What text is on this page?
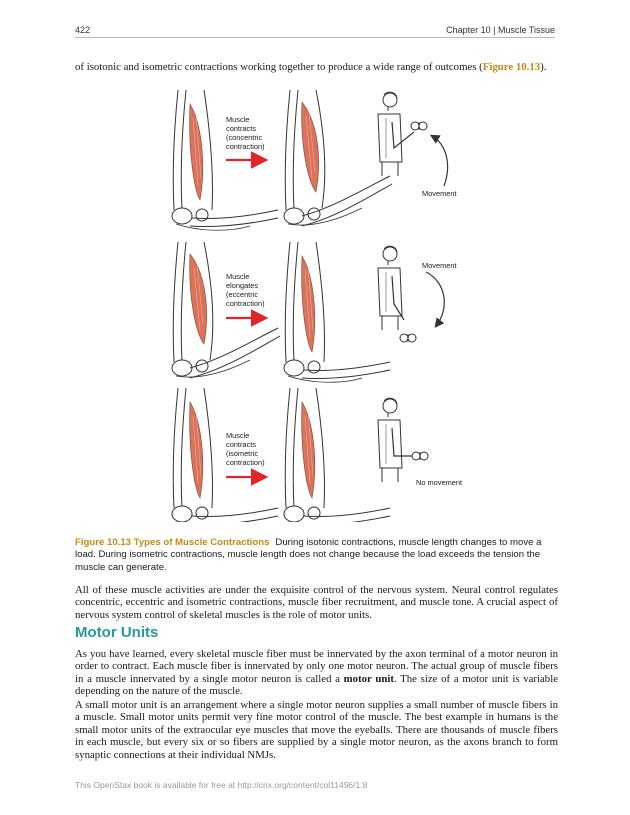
422	Chapter 10 | Muscle Tissue
of isotonic and isometric contractions working together to produce a wide range of outcomes (Figure 10.13).
Muscle contracts (concentric contraction)
Movement
Muscle elongates (eccentric contraction)
Movement
Muscle contracts (isometric contraction)
No movement
Figure 10.13 Types of Muscle Contractions During isotonic contractions, muscle length changes to move a load. During isometric contractions, muscle length does not change because the load exceeds the tension the muscle can generate.
All of these muscle activities are under the exquisite control of the nervous system. Neural control regulates concentric, eccentric and isometric contractions, muscle fiber recruitment, and muscle tone. A crucial aspect of nervous system control of skeletal muscles is the role of motor units.
Motor Units
As you have learned, every skeletal muscle fiber must be innervated by the axon terminal of a motor neuron in order to contract. Each muscle fiber is innervated by only one motor neuron. The actual group of muscle fibers in a muscle innervated by a single motor neuron is called a motor unit. The size of a motor unit is variable depending on the nature of the muscle.
A small motor unit is an arrangement where a single motor neuron supplies a small number of muscle fibers in a muscle. Small motor units permit very fine motor control of the muscle. The best example in humans is the small motor units of the extraocular eye muscles that move the eyeballs. There are thousands of muscle fibers in each muscle, but every six or so fibers are supplied by a single motor neuron, as the axons branch to form synaptic connections at their individual NMJs.
This OpenStax book is available for free at http://cnx.org/content/col11496/1.8
